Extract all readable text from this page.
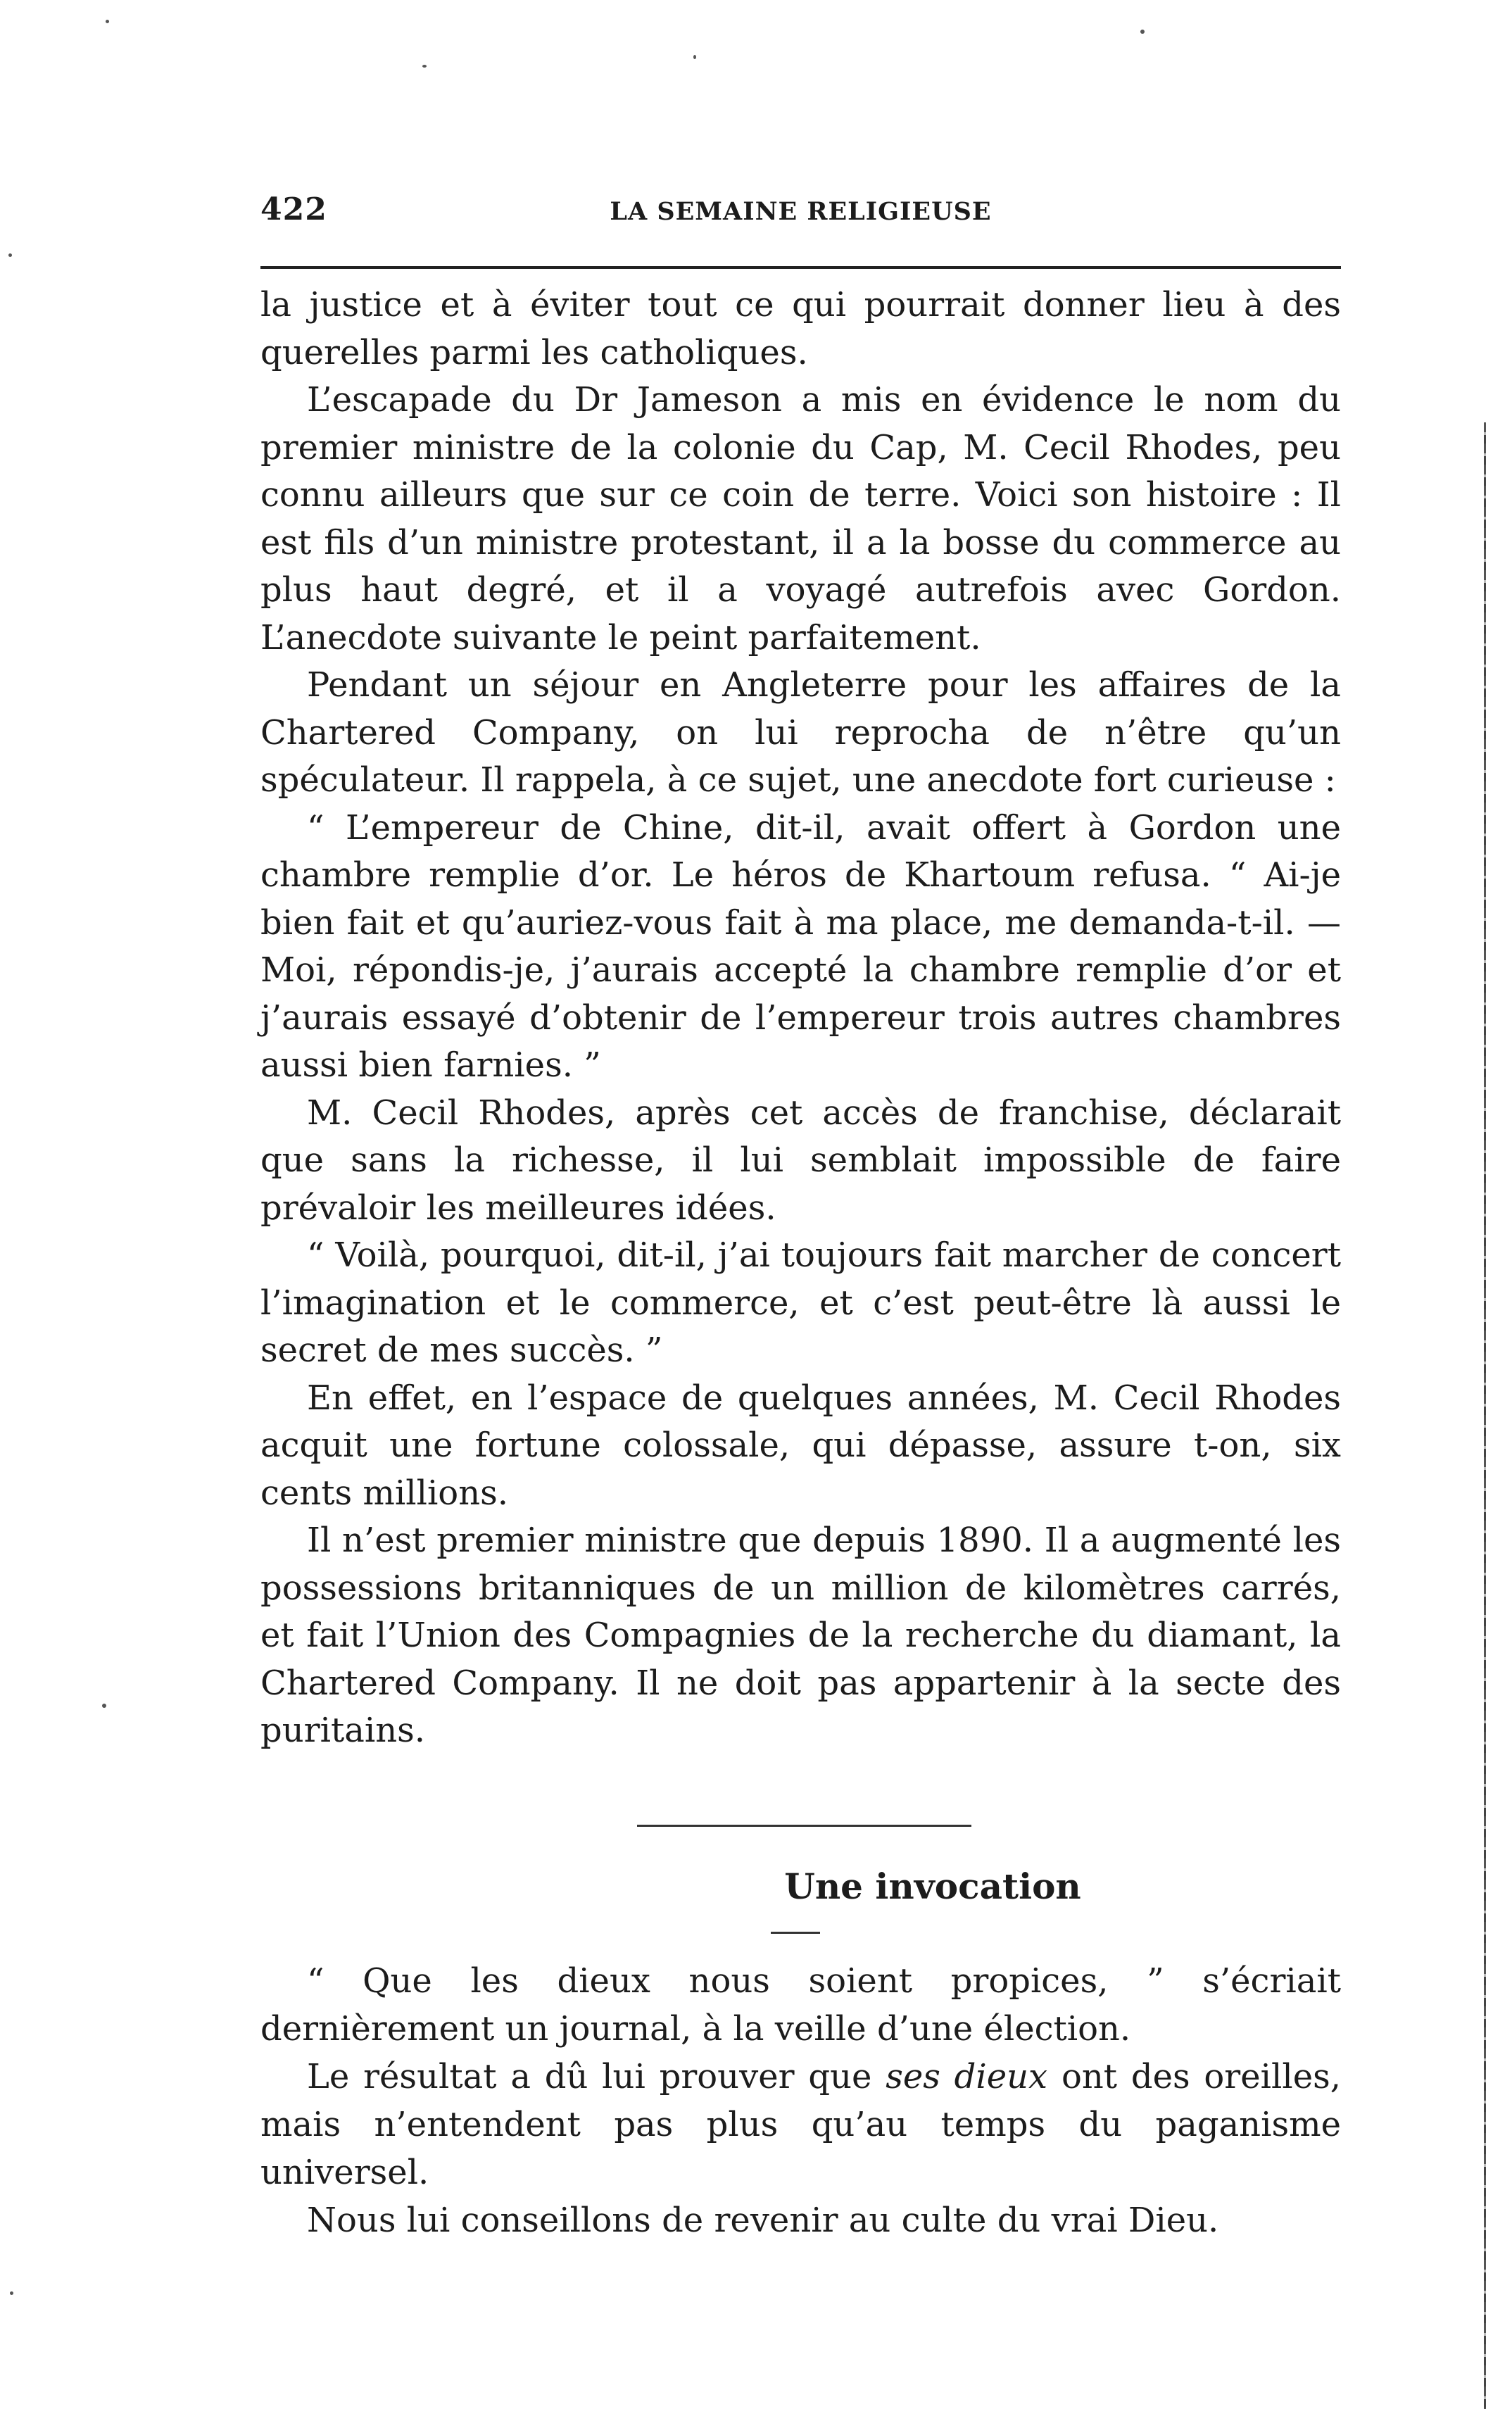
422	LA SEMAINE RELIGIEUSE

la justice et à éviter tout ce qui pourrait donner lieu à des querelles parmi les catholiques.

L’escapade du Dr Jameson a mis en évidence le nom du premier ministre de la colonie du Cap, M. Cecil Rhodes, peu connu ailleurs que sur ce coin de terre. Voici son histoire : Il est fils d’un ministre protestant, il a la bosse du commerce au plus haut degré, et il a voyagé autrefois avec Gordon. L’anecdote suivante le peint parfaitement.

Pendant un séjour en Angleterre pour les affaires de la Chartered Company, on lui reprocha de n’être qu’un spéculateur. Il rappela, à ce sujet, une anecdote fort curieuse :

“ L’empereur de Chine, dit-il, avait offert à Gordon une chambre remplie d’or. Le héros de Khartoum refusa. “ Ai-je bien fait et qu’auriez-vous fait à ma place, me demanda-t-il. — Moi, répondis-je, j’aurais accepté la chambre remplie d’or et j’aurais essayé d’obtenir de l’empereur trois autres chambres aussi bien farnies. ”

M. Cecil Rhodes, après cet accès de franchise, déclarait que sans la richesse, il lui semblait impossible de faire prévaloir les meilleures idées.

“ Voilà, pourquoi, dit-il, j’ai toujours fait marcher de concert l’imagination et le commerce, et c’est peut-être là aussi le secret de mes succès. ”

En effet, en l’espace de quelques années, M. Cecil Rhodes acquit une fortune colossale, qui dépasse, assure t-on, six cents millions.

Il n’est premier ministre que depuis 1890. Il a augmenté les possessions britanniques de un million de kilomètres carrés, et fait l’Union des Compagnies de la recherche du diamant, la Chartered Company. Il ne doit pas appartenir à la secte des puritains.

Une invocation

“ Que les dieux nous soient propices, ” s’écriait dernièrement un journal, à la veille d’une élection.

Le résultat a dû lui prouver que ses dieux ont des oreilles, mais n’entendent pas plus qu’au temps du paganisme universel.

Nous lui conseillons de revenir au culte du vrai Dieu.
